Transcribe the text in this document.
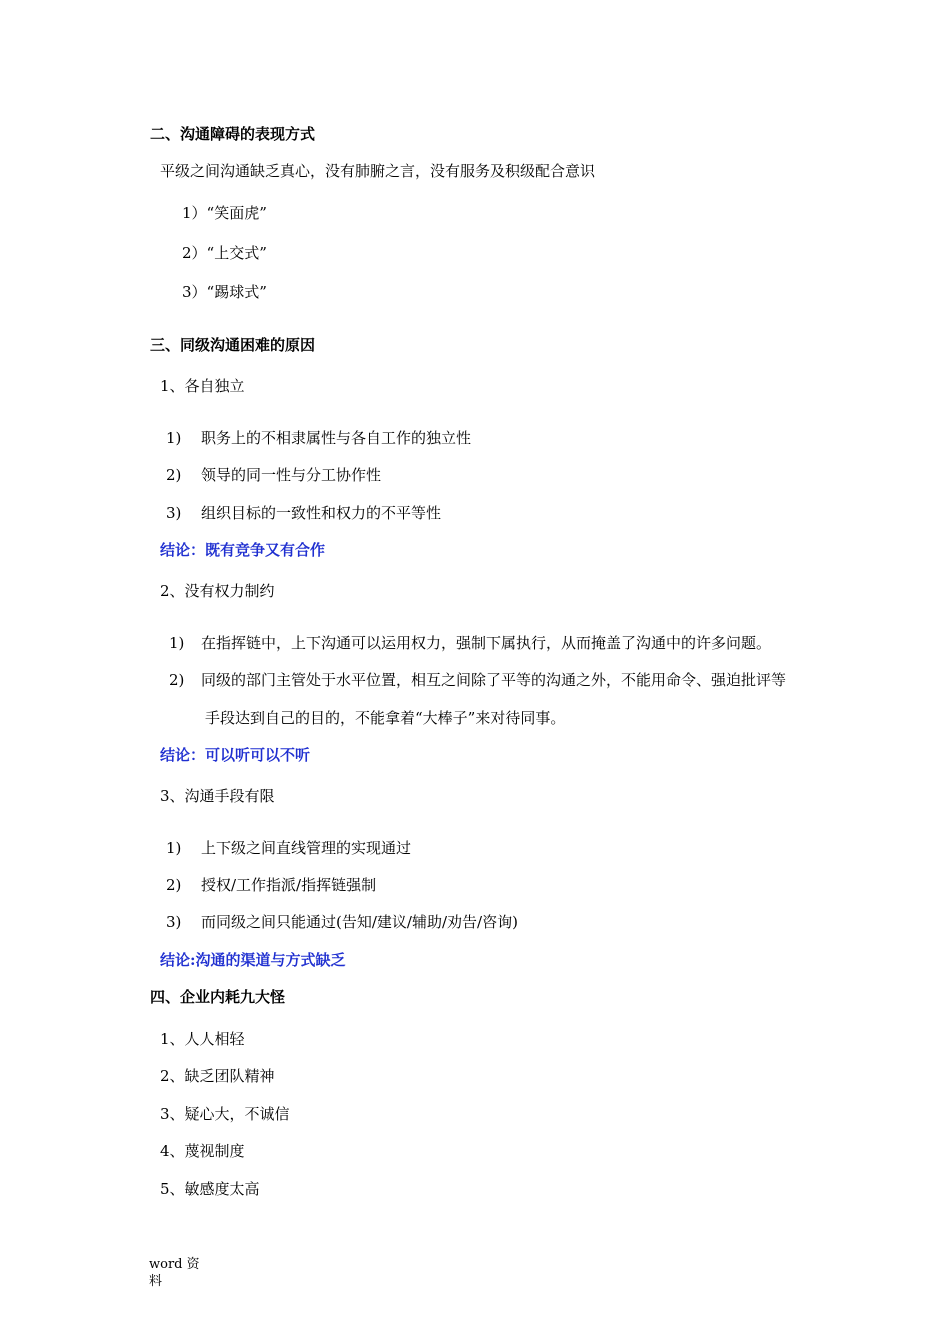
二、沟通障碍的表现方式
平级之间沟通缺乏真心，没有肺腑之言，没有服务及积级配合意识
1）“笑面虎”
2）“上交式”
3）“踢球式”
三、同级沟通困难的原因
1、各自独立
1)	职务上的不相隶属性与各自工作的独立性
2)	领导的同一性与分工协作性
3)	组织目标的一致性和权力的不平等性
结论：既有竞争又有合作
2、没有权力制约
1)	在指挥链中，上下沟通可以运用权力，强制下属执行，从而掩盖了沟通中的许多问题。
2)	同级的部门主管处于水平位置，相互之间除了平等的沟通之外，不能用命令、强迫批评等
手段达到自己的目的，不能拿着“大棒子”来对待同事。
结论：可以听可以不听
3、沟通手段有限
1)	上下级之间直线管理的实现通过
2)	授权/工作指派/指挥链强制
3)	而同级之间只能通过(告知/建议/辅助/劝告/咨询)
结论:沟通的渠道与方式缺乏
四、企业内耗九大怪
1、人人相轻
2、缺乏团队精神
3、疑心大，不诚信
4、蔑视制度
5、敏感度太高
word 资
料
